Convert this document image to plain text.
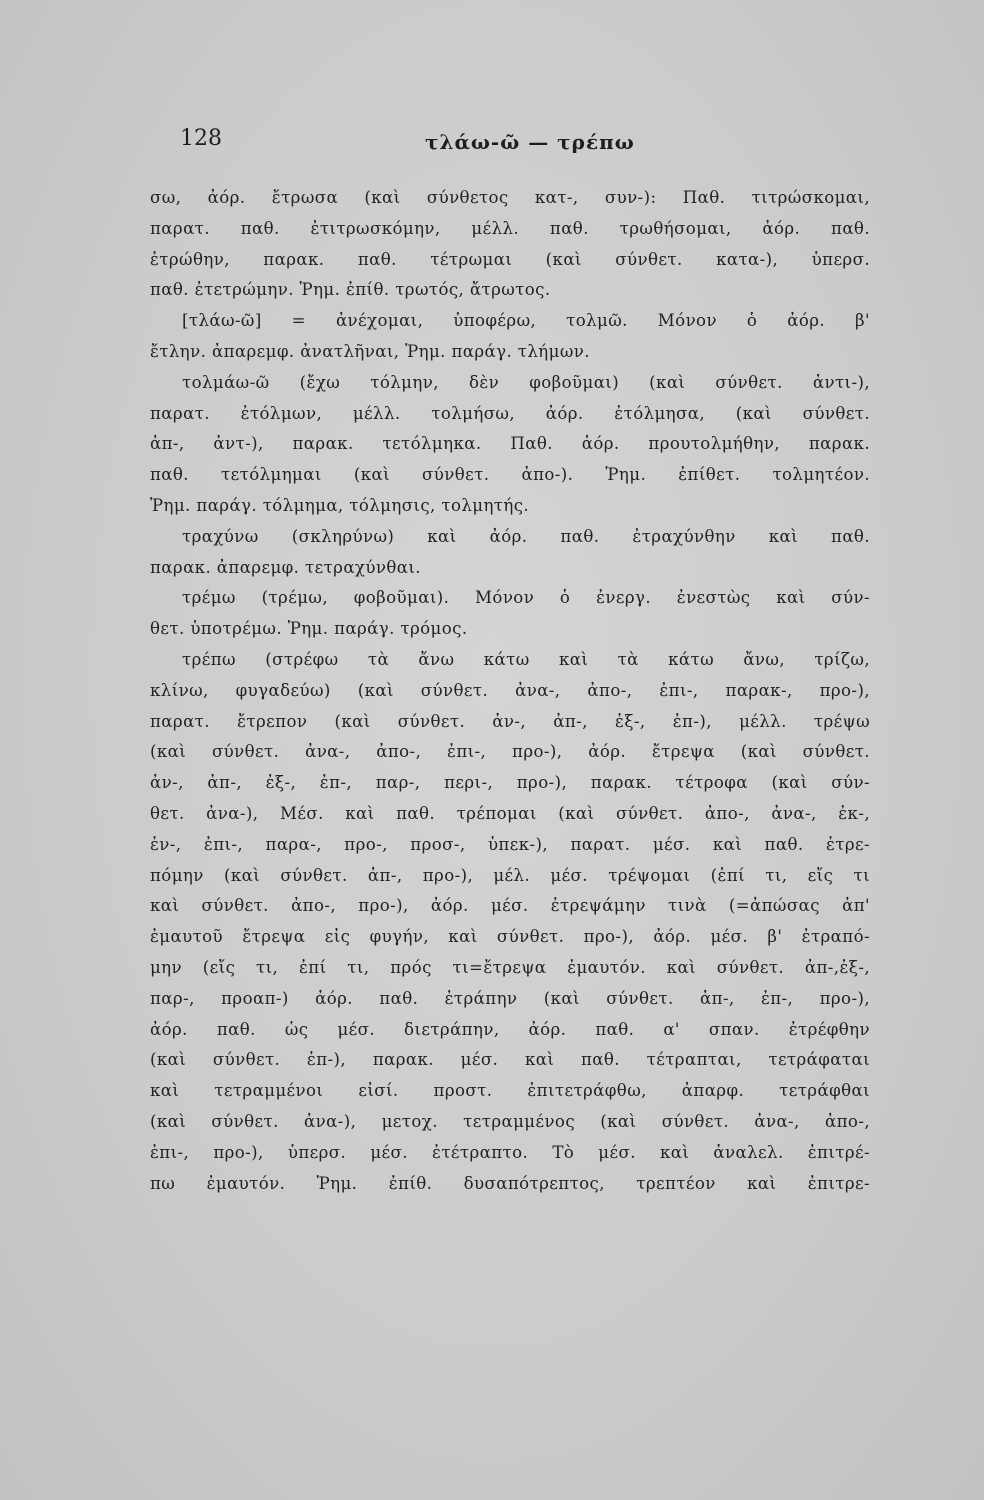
128	τλάω-ῶ — τρέπω
σω, ἀόρ. ἔτρωσα (καὶ σύνθετος κατ-, συν-): Παθ. τιτρώσκομαι,
παρατ. παθ. ἐτιτρωσκόμην, μέλλ. παθ. τρωθήσομαι, ἀόρ. παθ.
ἐτρώθην, παρακ. παθ. τέτρωμαι (καὶ σύνθετ. κατα-), ὑπερσ.
παθ. ἐτετρώμην. Ῥημ. ἐπίθ. τρωτός, ἄτρωτος.
[τλάω-ῶ] = ἀνέχομαι, ὑποφέρω, τολμῶ. Μόνον ὁ ἀόρ. β'
ἔτλην. ἀπαρεμφ. ἀνατλῆναι, Ῥημ. παράγ. τλήμων.
τολμάω-ῶ (ἔχω τόλμην, δὲν φοβοῦμαι) (καὶ σύνθετ. ἀντι-),
παρατ. ἐτόλμων, μέλλ. τολμήσω, ἀόρ. ἐτόλμησα, (καὶ σύνθετ.
ἀπ-, ἀντ-), παρακ. τετόλμηκα. Παθ. ἀόρ. προυτολμήθην, παρακ.
παθ. τετόλμημαι (καὶ σύνθετ. ἀπο-). Ῥημ. ἐπίθετ. τολμητέον.
Ῥημ. παράγ. τόλμημα, τόλμησις, τολμητής.
τραχύνω (σκληρύνω) καὶ ἀόρ. παθ. ἐτραχύνθην καὶ παθ.
παρακ. ἀπαρεμφ. τετραχύνθαι.
τρέμω (τρέμω, φοβοῦμαι). Μόνον ὁ ἐνεργ. ἐνεστὼς καὶ σύν-
θετ. ὑποτρέμω. Ῥημ. παράγ. τρόμος.
τρέπω (στρέφω τὰ ἄνω κάτω καὶ τὰ κάτω ἄνω, τρίζω,
κλίνω, φυγαδεύω) (καὶ σύνθετ. ἀνα-, ἀπο-, ἐπι-, παρακ-, προ-),
παρατ. ἔτρεπον (καὶ σύνθετ. ἀν-, ἀπ-, ἐξ-, ἐπ-), μέλλ. τρέψω
(καὶ σύνθετ. ἀνα-, ἀπο-, ἐπι-, προ-), ἀόρ. ἔτρεψα (καὶ σύνθετ.
ἀν-, ἀπ-, ἐξ-, ἐπ-, παρ-, περι-, προ-), παρακ. τέτροφα (καὶ σύν-
θετ. ἀνα-), Μέσ. καὶ παθ. τρέπομαι (καὶ σύνθετ. ἀπο-, ἀνα-, ἐκ-,
ἐν-, ἐπι-, παρα-, προ-, προσ-, ὑπεκ-), παρατ. μέσ. καὶ παθ. ἐτρε-
πόμην (καὶ σύνθετ. ἀπ-, προ-), μέλ. μέσ. τρέψομαι (ἐπί τι, εἴς τι
καὶ σύνθετ. ἀπο-, προ-), ἀόρ. μέσ. ἐτρεψάμην τινὰ (=ἀπώσας ἀπ'
ἐμαυτοῦ ἔτρεψα εἰς φυγήν, καὶ σύνθετ. προ-), ἀόρ. μέσ. β' ἐτραπό-
μην (εἴς τι, ἐπί τι, πρός τι=ἔτρεψα ἐμαυτόν. καὶ σύνθετ. ἀπ-,ἐξ-,
παρ-, προαπ-) ἀόρ. παθ. ἐτράπην (καὶ σύνθετ. ἀπ-, ἐπ-, προ-),
ἀόρ. παθ. ὡς μέσ. διετράπην, ἀόρ. παθ. α' σπαν. ἐτρέφθην
(καὶ σύνθετ. ἐπ-), παρακ. μέσ. καὶ παθ. τέτραπται, τετράφαται
καὶ τετραμμένοι εἰσί. προστ. ἐπιτετράφθω, ἀπαρφ. τετράφθαι
(καὶ σύνθετ. ἀνα-), μετοχ. τετραμμένος (καὶ σύνθετ. ἀνα-, ἀπο-,
ἐπι-, προ-), ὑπερσ. μέσ. ἐτέτραπτο. Τὸ μέσ. καὶ ἀναλελ. ἐπιτρέ-
πω ἐμαυτόν. Ῥημ. ἐπίθ. δυσαπότρεπτος, τρεπτέον καὶ ἐπιτρε-
